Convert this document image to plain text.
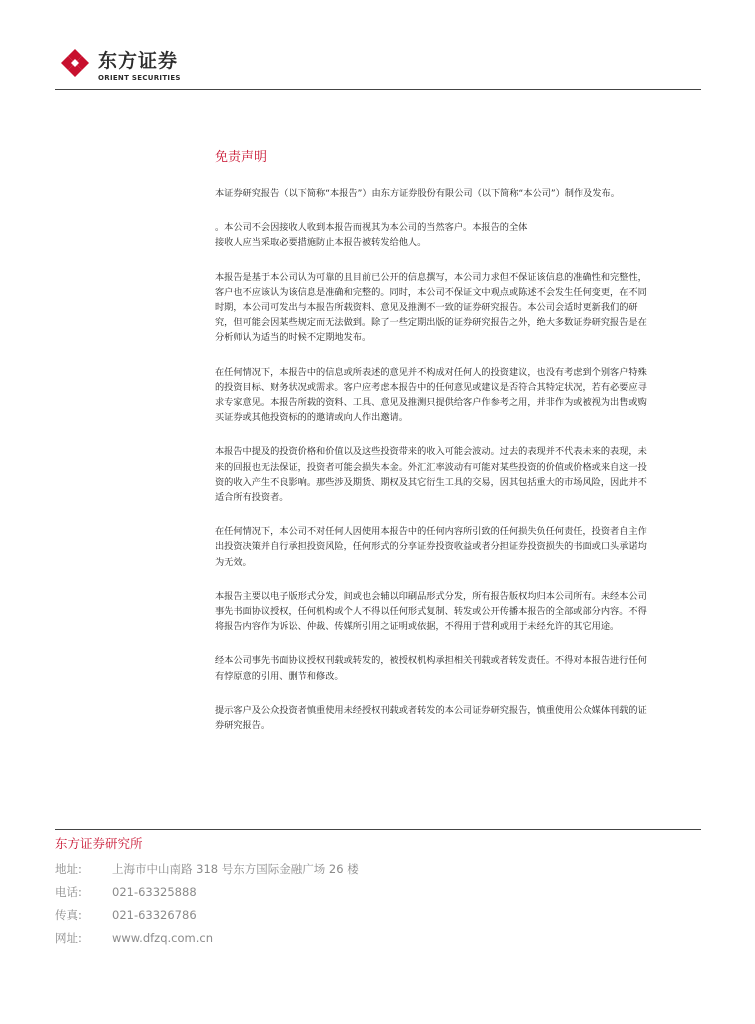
东方证券
ORIENT SECURITIES
免责声明
本证券研究报告（以下简称“本报告”）由东方证券股份有限公司（以下简称“本公司”）制作及发布。
。本公司不会因接收人收到本报告而视其为本公司的当然客户。本报告的全体
接收人应当采取必要措施防止本报告被转发给他人。
本报告是基于本公司认为可靠的且目前已公开的信息撰写，本公司力求但不保证该信息的准确性和完整性，
客户也不应该认为该信息是准确和完整的。同时，本公司不保证文中观点或陈述不会发生任何变更，在不同
时期，本公司可发出与本报告所载资料、意见及推测不一致的证券研究报告。本公司会适时更新我们的研
究，但可能会因某些规定而无法做到。除了一些定期出版的证券研究报告之外，绝大多数证券研究报告是在
分析师认为适当的时候不定期地发布。
在任何情况下，本报告中的信息或所表述的意见并不构成对任何人的投资建议，也没有考虑到个别客户特殊
的投资目标、财务状况或需求。客户应考虑本报告中的任何意见或建议是否符合其特定状况，若有必要应寻
求专家意见。本报告所载的资料、工具、意见及推测只提供给客户作参考之用，并非作为或被视为出售或购
买证券或其他投资标的的邀请或向人作出邀请。
本报告中提及的投资价格和价值以及这些投资带来的收入可能会波动。过去的表现并不代表未来的表现，未
来的回报也无法保证，投资者可能会损失本金。外汇汇率波动有可能对某些投资的价值或价格或来自这一投
资的收入产生不良影响。那些涉及期货、期权及其它衍生工具的交易，因其包括重大的市场风险，因此并不
适合所有投资者。
在任何情况下，本公司不对任何人因使用本报告中的任何内容所引致的任何损失负任何责任，投资者自主作
出投资决策并自行承担投资风险，任何形式的分享证券投资收益或者分担证券投资损失的书面或口头承诺均
为无效。
本报告主要以电子版形式分发，间或也会辅以印刷品形式分发，所有报告版权均归本公司所有。未经本公司
事先书面协议授权，任何机构或个人不得以任何形式复制、转发或公开传播本报告的全部或部分内容。不得
将报告内容作为诉讼、仲裁、传媒所引用之证明或依据，不得用于营利或用于未经允许的其它用途。
经本公司事先书面协议授权刊载或转发的，被授权机构承担相关刊载或者转发责任。不得对本报告进行任何
有悖原意的引用、删节和修改。
提示客户及公众投资者慎重使用未经授权刊载或者转发的本公司证券研究报告，慎重使用公众媒体刊载的证
券研究报告。
东方证券研究所
地址:	上海市中山南路 318 号东方国际金融广场 26 楼
电话:	021-63325888
传真:	021-63326786
网址:	www.dfzq.com.cn
